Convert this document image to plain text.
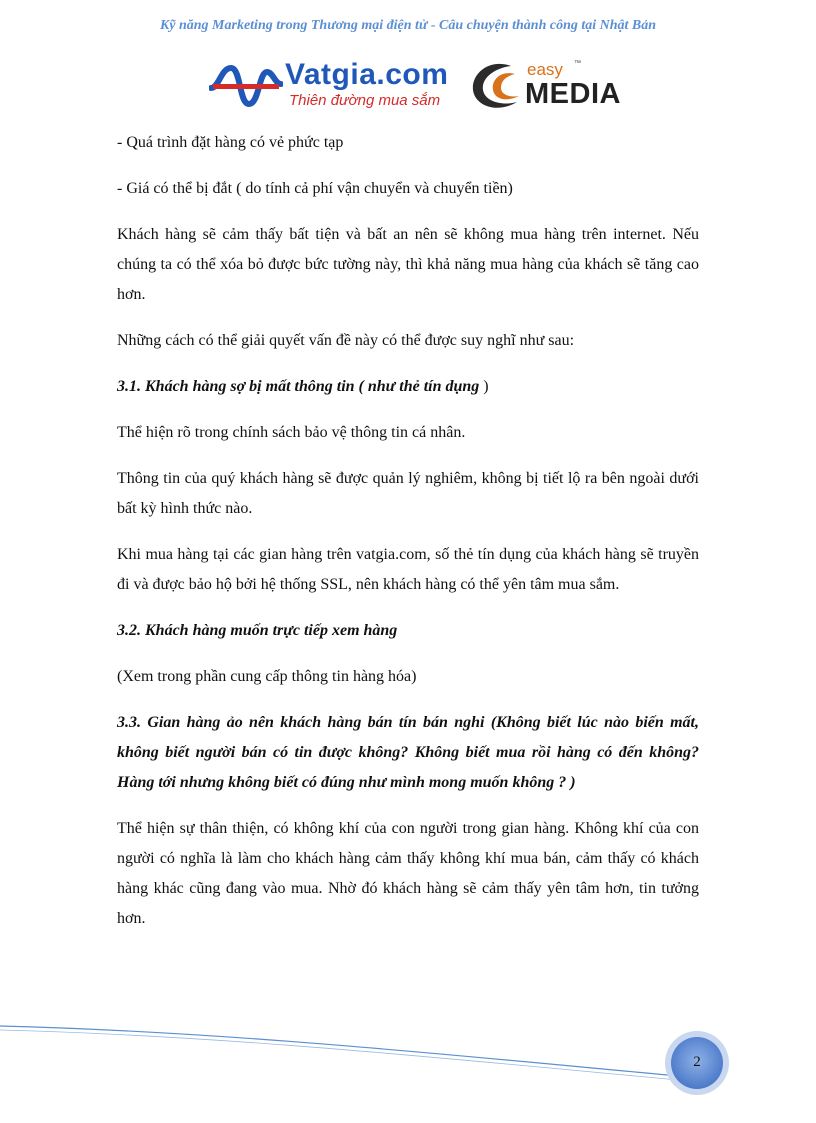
Kỹ năng Marketing trong Thương mại điện tử - Câu chuyện thành công tại Nhật Bản
Vatgia.com
Thiên đường mua sắm
easy ™
MEDIA

- Quá trình đặt hàng có vẻ phức tạp

- Giá có thể bị đắt ( do tính cả phí vận chuyển và chuyển tiền)

Khách hàng sẽ cảm thấy bất tiện và bất an nên sẽ không mua hàng trên internet. Nếu chúng ta có thể xóa bỏ được bức tường này, thì khả năng mua hàng của khách sẽ tăng cao hơn.

Những cách có thể giải quyết vấn đề này có thể được suy nghĩ như sau:

3.1. Khách hàng sợ bị mất thông tin ( như thẻ tín dụng )

Thể hiện rõ trong chính sách bảo vệ thông tin cá nhân.

Thông tin của quý khách hàng sẽ được quản lý nghiêm, không bị tiết lộ ra bên ngoài dưới bất kỳ hình thức nào.

Khi mua hàng tại các gian hàng trên vatgia.com, số thẻ tín dụng của khách hàng sẽ truyền đi và được bảo hộ bởi hệ thống SSL, nên khách hàng có thể yên tâm mua sắm.

3.2. Khách hàng muốn trực tiếp xem hàng

(Xem trong phần cung cấp thông tin hàng hóa)

3.3. Gian hàng ảo nên khách hàng bán tín bán nghi (Không biết lúc nào biến mất, không biết người bán có tin được không? Không biết mua rồi hàng có đến không? Hàng tới nhưng không biết có đúng như mình mong muốn không ? )

Thể hiện sự thân thiện, có không khí của con người trong gian hàng. Không khí của con người có nghĩa là làm cho khách hàng cảm thấy không khí mua bán, cảm thấy có khách hàng khác cũng đang vào mua. Nhờ đó khách hàng sẽ cảm thấy yên tâm hơn, tin tưởng hơn.

2
